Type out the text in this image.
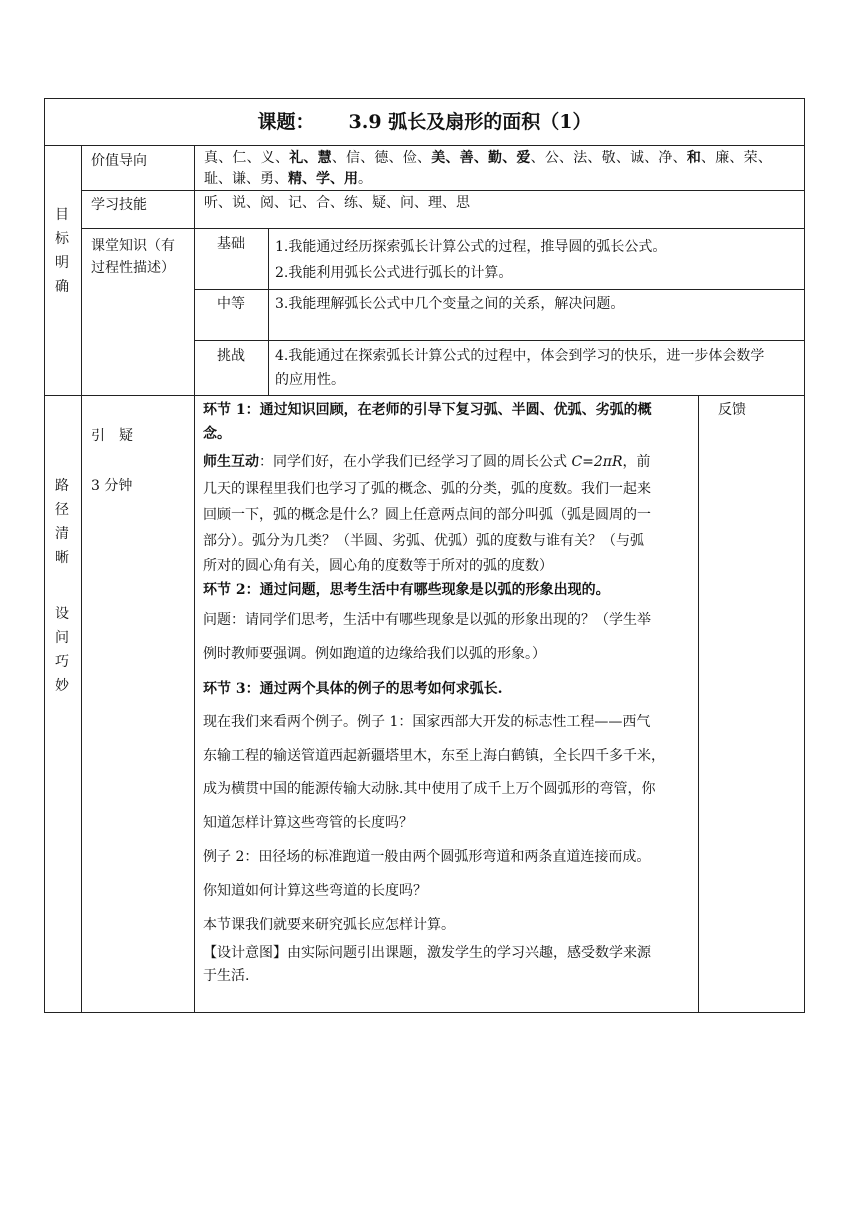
课题： 3.9 弧长及扇形的面积（1）
目
标
明
确
价值导向	真、仁、义、礼、慧、信、德、俭、美、善、勤、爱、公、法、敬、诚、净、和、廉、荣、
耻、谦、勇、精、学、用。
学习技能	听、说、阅、记、合、练、疑、问、理、思
课堂知识（有
过程性描述）
基础 1.我能通过经历探索弧长计算公式的过程，推导圆的弧长公式。
2.我能利用弧长公式进行弧长的计算。
中等 3.我能理解弧长公式中几个变量之间的关系，解决问题。
挑战 4.我能通过在探索弧长计算公式的过程中，体会到学习的快乐，进一步体会数学
的应用性。
路
径
清
晰
设
问
巧
妙
引　疑
3 分钟
反馈
环节 1：通过知识回顾，在老师的引导下复习弧、半圆、优弧、劣弧的概
念。
师生互动：同学们好，在小学我们已经学习了圆的周长公式 C=2πR，前
几天的课程里我们也学习了弧的概念、弧的分类，弧的度数。我们一起来
回顾一下，弧的概念是什么？圆上任意两点间的部分叫弧（弧是圆周的一
部分）。弧分为几类？（半圆、劣弧、优弧）弧的度数与谁有关？（与弧
所对的圆心角有关，圆心角的度数等于所对的弧的度数）
环节 2：通过问题，思考生活中有哪些现象是以弧的形象出现的。
问题：请同学们思考，生活中有哪些现象是以弧的形象出现的？（学生举
例时教师要强调。例如跑道的边缘给我们以弧的形象。）
环节 3：通过两个具体的例子的思考如何求弧长.
现在我们来看两个例子。例子 1：国家西部大开发的标志性工程——西气
东输工程的输送管道西起新疆塔里木，东至上海白鹤镇，全长四千多千米，
成为横贯中国的能源传输大动脉.其中使用了成千上万个圆弧形的弯管，你
知道怎样计算这些弯管的长度吗？
例子 2：田径场的标准跑道一般由两个圆弧形弯道和两条直道连接而成。
你知道如何计算这些弯道的长度吗？
本节课我们就要来研究弧长应怎样计算。
【设计意图】由实际问题引出课题，激发学生的学习兴趣，感受数学来源
于生活.
